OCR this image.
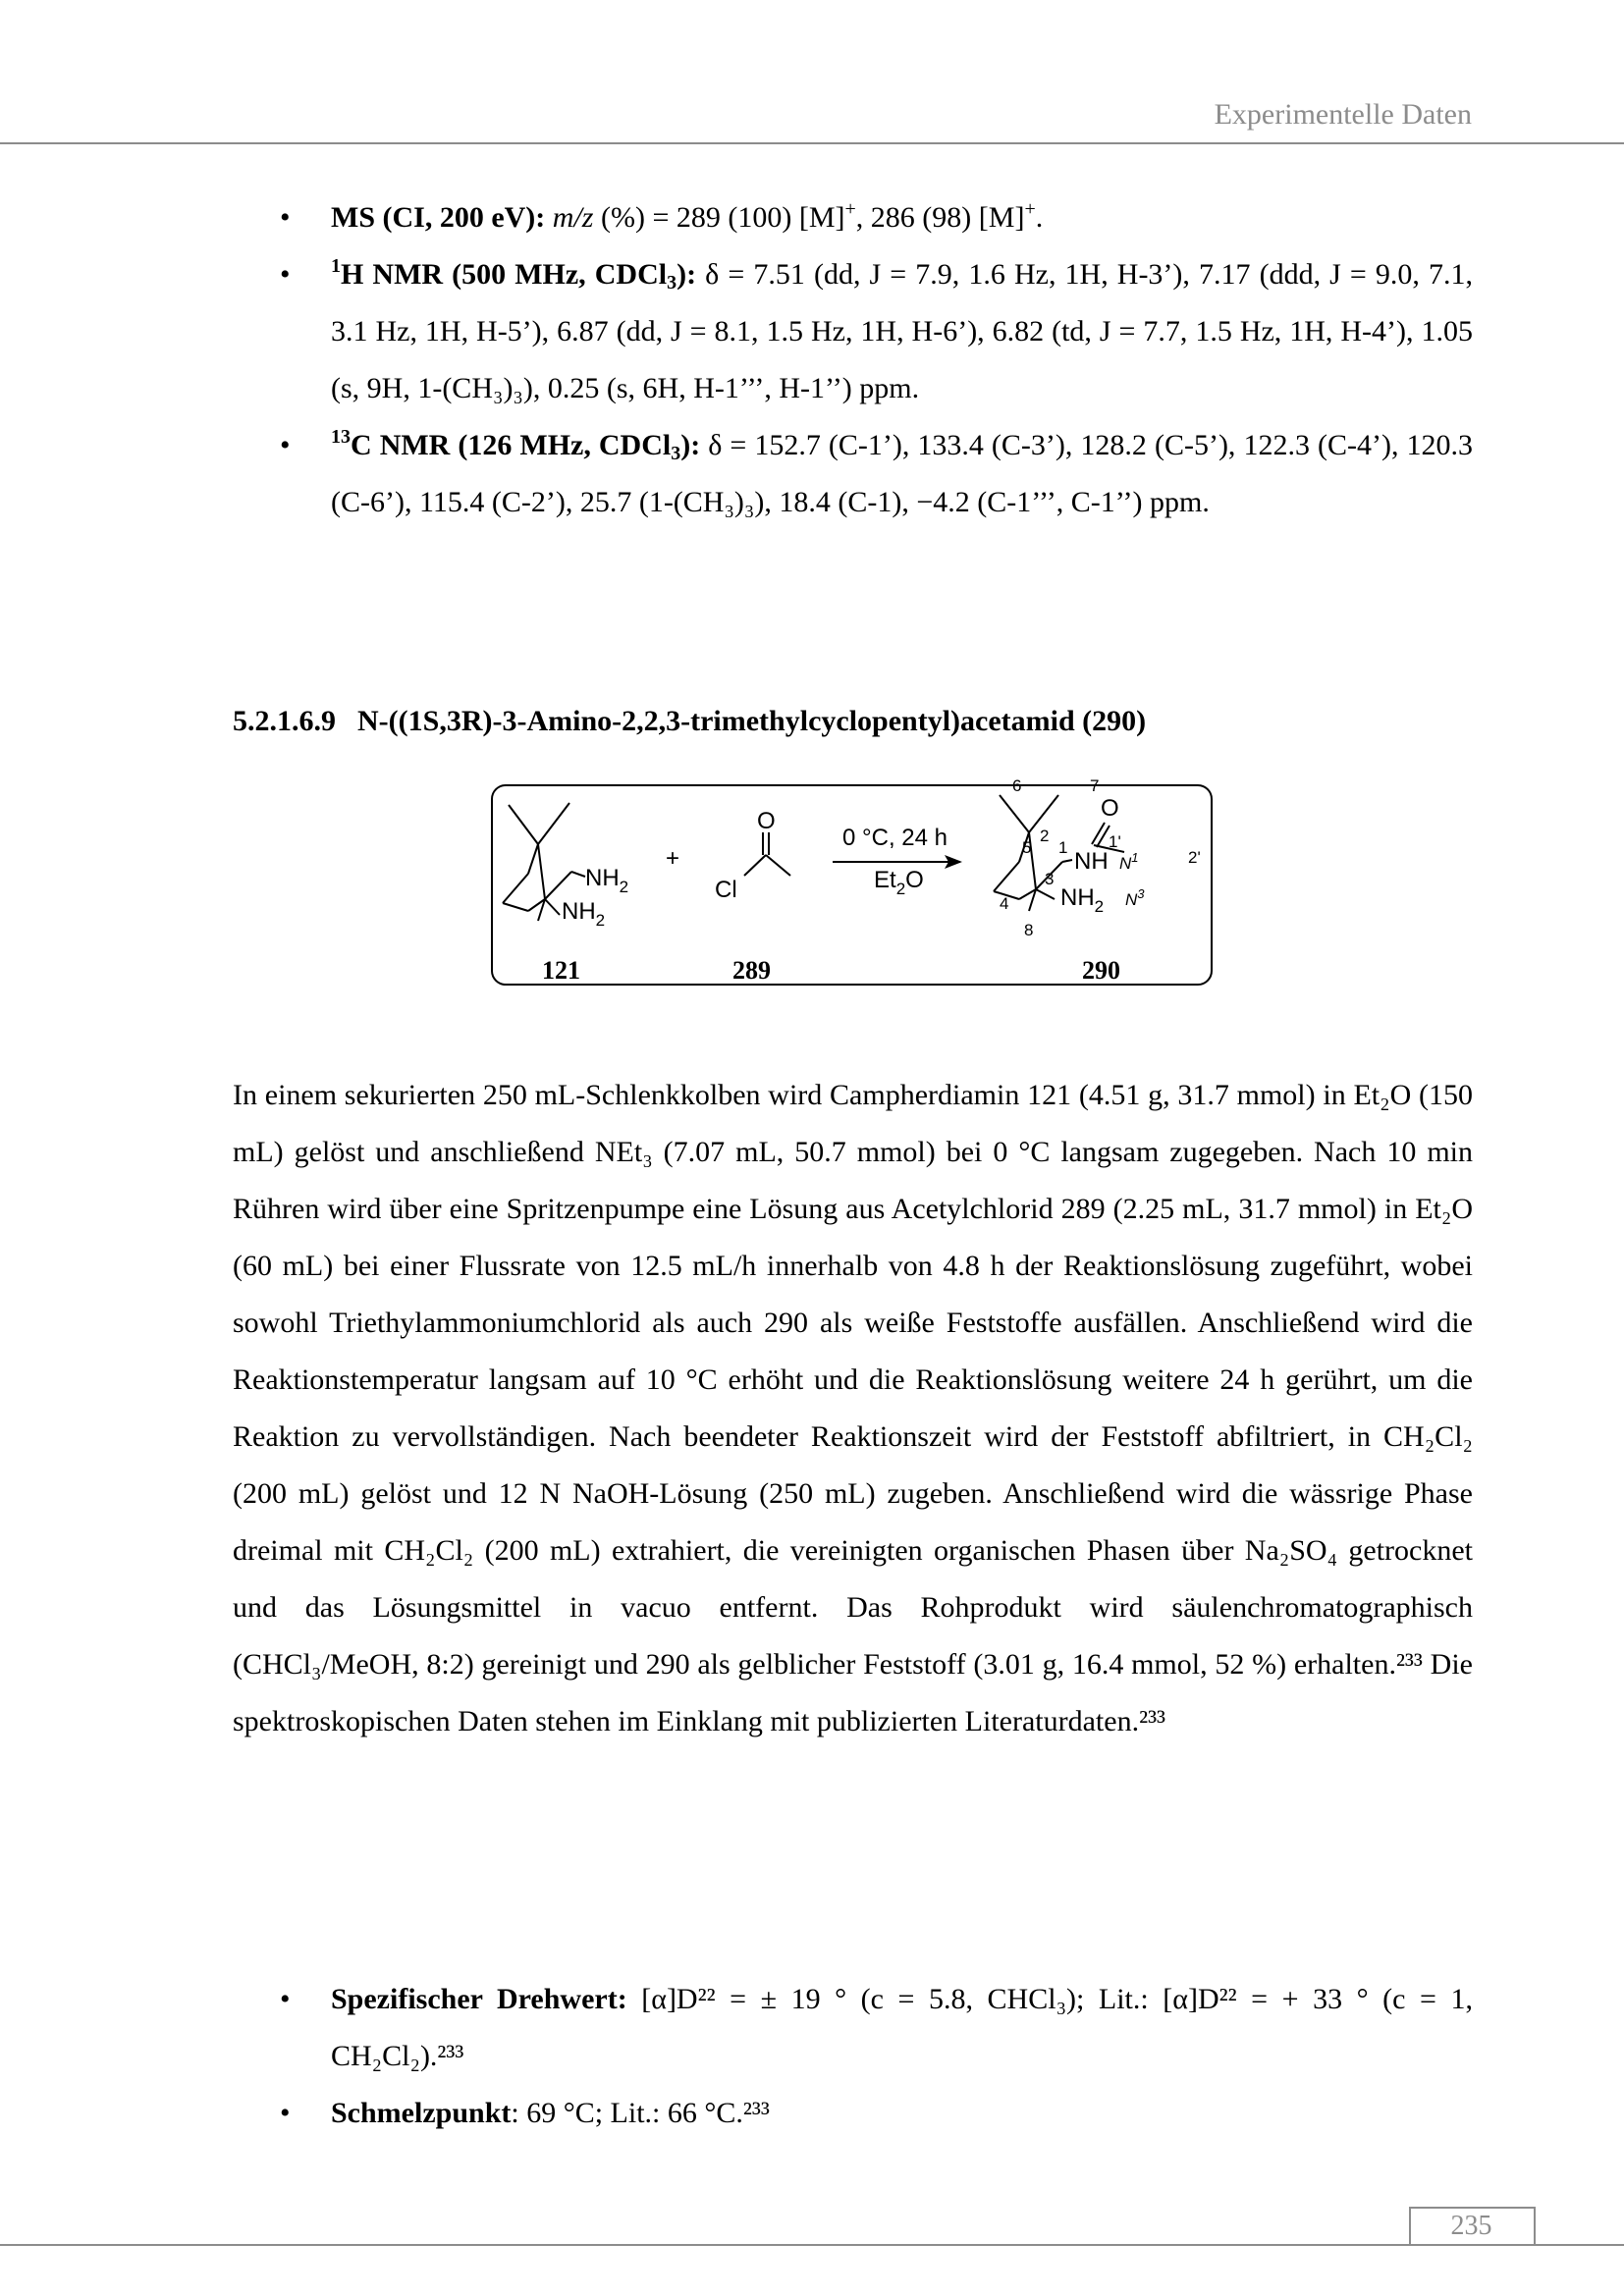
Experimentelle Daten
• MS (CI, 200 eV): m/z (%) = 289 (100) [M]+, 286 (98) [M]+.
• $^1$H NMR (500 MHz, CDCl$_3$): δ = 7.51 (dd, J = 7.9, 1.6 Hz, 1H, H-3’), 7.17 (ddd, J = 9.0, 7.1, 3.1 Hz, 1H, H-5’), 6.87 (dd, J = 8.1, 1.5 Hz, 1H, H-6’), 6.82 (td, J = 7.7, 1.5 Hz, 1H, H-4’), 1.05 (s, 9H, 1-(CH₃)₃), 0.25 (s, 6H, H-1’’’, H-1’’) ppm.
• $^{13}$C NMR (126 MHz, CDCl$_3$): δ = 152.7 (C-1’), 133.4 (C-3’), 128.2 (C-5’), 122.3 (C-4’), 120.3 (C-6’), 115.4 (C-2’), 25.7 (1-(CH₃)₃), 18.4 (C-1), −4.2 (C-1’’’, C-1’’) ppm.
5.2.1.6.9 N-((1S,3R)-3-Amino-2,2,3-trimethylcyclopentyl)acetamid (290)
$NH_2$
$NH_2$
+
O
Cl
0 °C, 24 h
$Et_2O$
O
NH $N^1$
$NH_2$ $N^3$
6	7
2
5 1
3
4
8
1'
2'
121	289	290

In einem sekurierten 250 mL-Schlenkkolben wird Campherdiamin 121 (4.51 g, 31.7 mmol) in Et₂O (150 mL) gelöst und anschließend NEt₃ (7.07 mL, 50.7 mmol) bei 0 °C langsam zugegeben. Nach 10 min Rühren wird über eine Spritzenpumpe eine Lösung aus Acetylchlorid 289 (2.25 mL, 31.7 mmol) in Et₂O (60 mL) bei einer Flussrate von 12.5 mL/h innerhalb von 4.8 h der Reaktionslösung zugeführt, wobei sowohl Triethylammoniumchlorid als auch 290 als weiße Feststoffe ausfällen. Anschließend wird die Reaktionstemperatur langsam auf 10 °C erhöht und die Reaktionslösung weitere 24 h gerührt, um die Reaktion zu vervollständigen. Nach beendeter Reaktionszeit wird der Feststoff abfiltriert, in CH₂Cl₂ (200 mL) gelöst und 12 N NaOH-Lösung (250 mL) zugeben. Anschließend wird die wässrige Phase dreimal mit CH₂Cl₂ (200 mL) extrahiert, die vereinigten organischen Phasen über Na₂SO₄ getrocknet und das Lösungsmittel in vacuo entfernt. Das Rohprodukt wird säulenchromatographisch (CHCl₃/MeOH, 8:2) gereinigt und 290 als gelblicher Feststoff (3.01 g, 16.4 mmol, 52 %) erhalten.²³³ Die spektroskopischen Daten stehen im Einklang mit publizierten Literaturdaten.²³³

• Spezifischer Drehwert: [α]D²² = ± 19 ° (c = 5.8, CHCl₃); Lit.: [α]D²² = + 33 ° (c = 1, CH₂Cl₂).²³³
• Schmelzpunkt: 69 °C; Lit.: 66 °C.²³³
235
